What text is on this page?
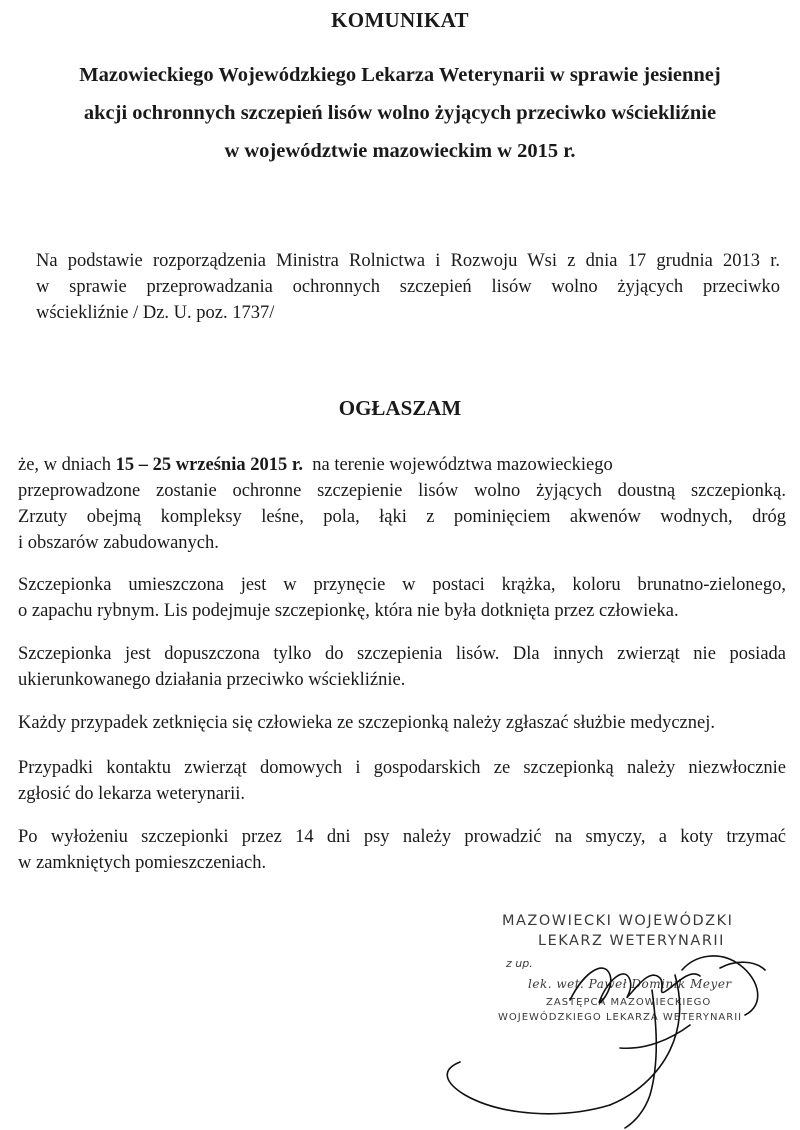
KOMUNIKAT
Mazowieckiego Wojewódzkiego Lekarza Weterynarii w sprawie jesiennej
akcji ochronnych szczepień lisów wolno żyjących przeciwko wściekliźnie
w województwie mazowieckim w 2015 r.
Na podstawie rozporządzenia Ministra Rolnictwa i Rozwoju Wsi z dnia 17 grudnia 2013 r.
w sprawie przeprowadzania ochronnych szczepień lisów wolno żyjących przeciwko
wściekliźnie / Dz. U. poz. 1737/
OGŁASZAM
że, w dniach 15 – 25 września 2015 r.  na terenie województwa mazowieckiego
przeprowadzone zostanie ochronne szczepienie lisów wolno żyjących doustną szczepionką.
Zrzuty obejmą kompleksy leśne, pola, łąki z pominięciem akwenów wodnych, dróg
i obszarów zabudowanych.
Szczepionka umieszczona jest w przynęcie w postaci krążka, koloru brunatno-zielonego,
o zapachu rybnym. Lis podejmuje szczepionkę, która nie była dotknięta przez człowieka.
Szczepionka jest dopuszczona tylko do szczepienia lisów. Dla innych zwierząt nie posiada
ukierunkowanego działania przeciwko wściekliźnie.
Każdy przypadek zetknięcia się człowieka ze szczepionką należy zgłaszać służbie medycznej.
Przypadki kontaktu zwierząt domowych i gospodarskich ze szczepionką należy niezwłocznie
zgłosić do lekarza weterynarii.
Po wyłożeniu szczepionki przez 14 dni psy należy prowadzić na smyczy, a koty trzymać
w zamkniętych pomieszczeniach.
MAZOWIECKI WOJEWÓDZKI
LEKARZ WETERYNARII
z up.
lek. wet. Paweł Dominik Meyer
ZASTĘPCA MAZOWIECKIEGO
WOJEWÓDZKIEGO LEKARZA WETERYNARII
